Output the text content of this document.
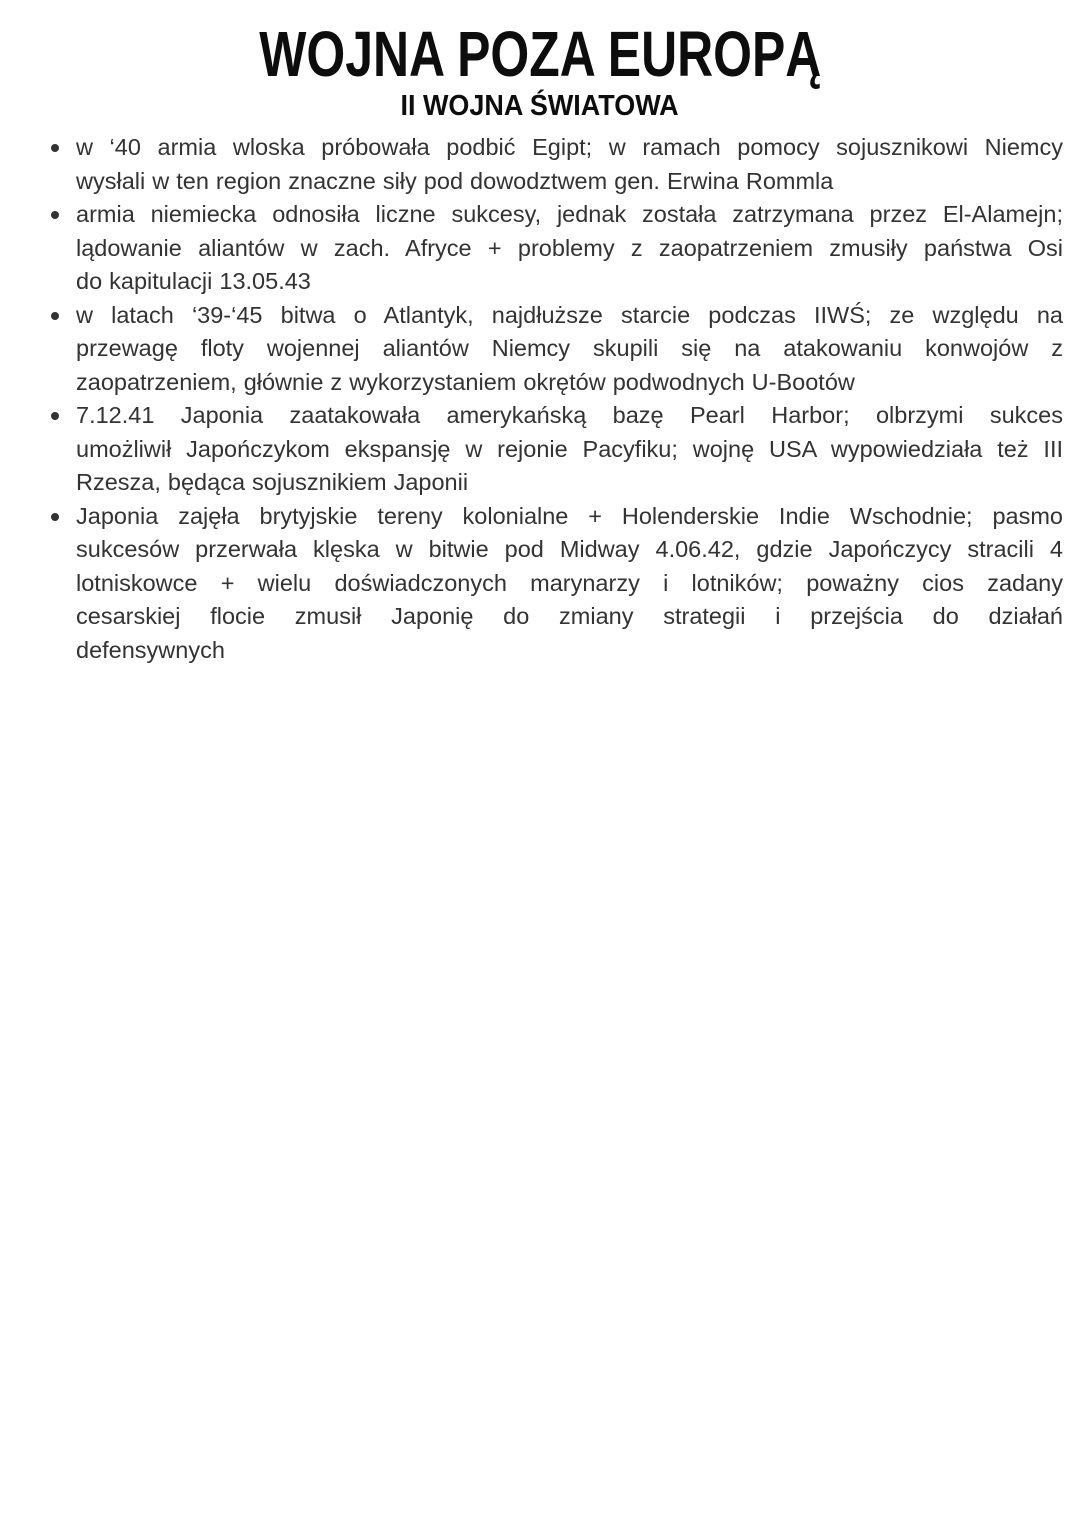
WOJNA POZA EUROPĄ
II WOJNA ŚWIATOWA
w ‘40 armia wloska próbowała podbić Egipt; w ramach pomocy sojusznikowi Niemcy
wysłali w ten region znaczne siły pod dowodztwem gen. Erwina Rommla
armia niemiecka odnosiła liczne sukcesy, jednak została zatrzymana przez El-Alamejn;
lądowanie aliantów w zach. Afryce + problemy z zaopatrzeniem zmusiły państwa Osi
do kapitulacji 13.05.43
w latach ‘39-‘45 bitwa o Atlantyk, najdłuższe starcie podczas IIWŚ; ze względu na
przewagę floty wojennej aliantów Niemcy skupili się na atakowaniu konwojów z
zaopatrzeniem, głównie z wykorzystaniem okrętów podwodnych U-Bootów
7.12.41 Japonia zaatakowała amerykańską bazę Pearl Harbor; olbrzymi sukces
umożliwił Japończykom ekspansję w rejonie Pacyfiku; wojnę USA wypowiedziała też III
Rzesza, będąca sojusznikiem Japonii
Japonia zajęła brytyjskie tereny kolonialne + Holenderskie Indie Wschodnie; pasmo
sukcesów przerwała klęska w bitwie pod Midway 4.06.42, gdzie Japończycy stracili 4
lotniskowce + wielu doświadczonych marynarzy i lotników; poważny cios zadany
cesarskiej flocie zmusił Japonię do zmiany strategii i przejścia do działań
defensywnych
